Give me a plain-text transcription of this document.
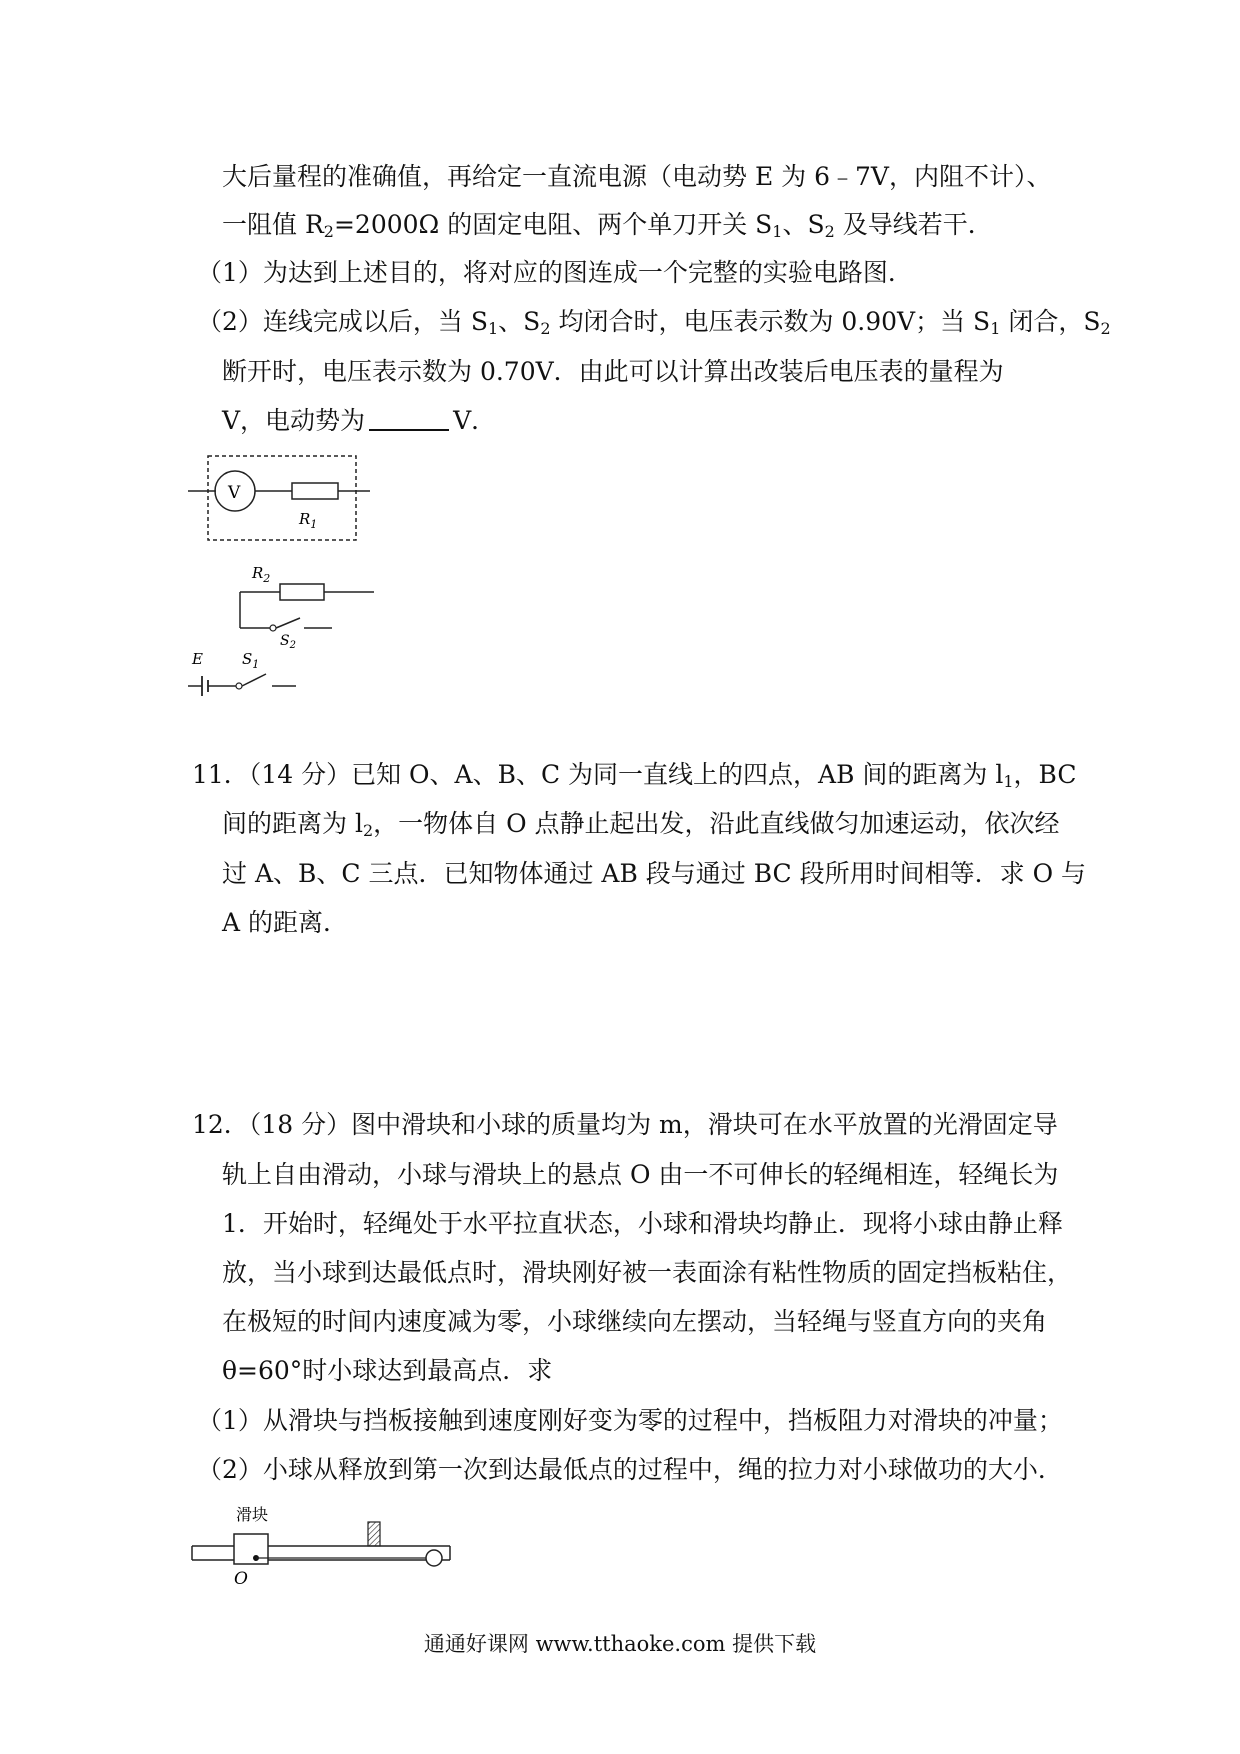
大后量程的准确值，再给定一直流电源（电动势 E 为 6﹣7V，内阻不计）、
一阻值 $R_2=2000\Omega$ 的固定电阻、两个单刀开关 $S_1$、$S_2$ 及导线若干．
（1）为达到上述目的，将对应的图连成一个完整的实验电路图．
（2）连线完成以后，当 $S_1$、$S_2$ 均闭合时，电压表示数为 0.90V；当 $S_1$ 闭合，$S_2$
断开时，电压表示数为 0.70V．由此可以计算出改装后电压表的量程为
V，电动势为	V．
V
$R_1$
$R_2$
$S_2$
E	$S_1$
11．（14 分）已知 O、A、B、C 为同一直线上的四点，AB 间的距离为 $l_1$，BC
间的距离为 $l_2$，一物体自 O 点静止起出发，沿此直线做匀加速运动，依次经
过 A、B、C 三点．已知物体通过 AB 段与通过 BC 段所用时间相等．求 O 与
A 的距离．
12．（18 分）图中滑块和小球的质量均为 m，滑块可在水平放置的光滑固定导
轨上自由滑动，小球与滑块上的悬点 O 由一不可伸长的轻绳相连，轻绳长为
1．开始时，轻绳处于水平拉直状态，小球和滑块均静止．现将小球由静止释
放，当小球到达最低点时，滑块刚好被一表面涂有粘性物质的固定挡板粘住，
在极短的时间内速度减为零，小球继续向左摆动，当轻绳与竖直方向的夹角
θ=60°时小球达到最高点．求
（1）从滑块与挡板接触到速度刚好变为零的过程中，挡板阻力对滑块的冲量；
（2）小球从释放到第一次到达最低点的过程中，绳的拉力对小球做功的大小．
滑块
O
通通好课网 www.tthaoke.com 提供下载
